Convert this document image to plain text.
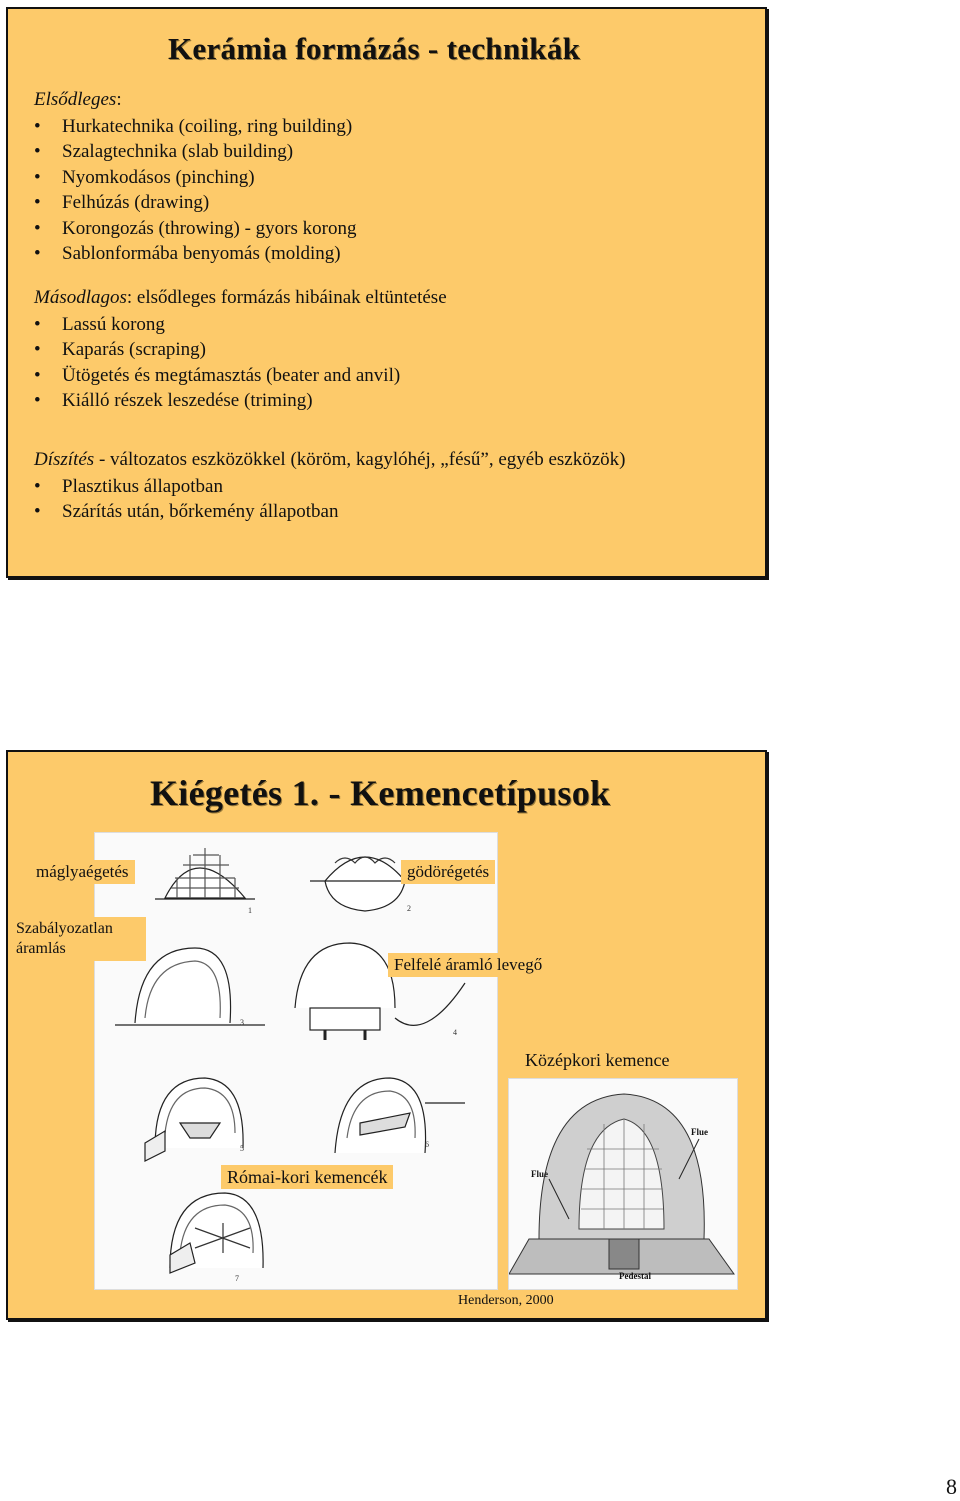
Kerámia formázás - technikák
Elsődleges:
• Hurkatechnika (coiling, ring building)
• Szalagtechnika (slab building)
• Nyomkodásos (pinching)
• Felhúzás (drawing)
• Korongozás (throwing) - gyors korong
• Sablonformába benyomás (molding)
Másodlagos: elsődleges formázás hibáinak eltüntetése
• Lassú korong
• Kaparás (scraping)
• Ütögetés és megtámasztás (beater and anvil)
• Kiálló részek leszedése (triming)
Díszítés - változatos eszközökkel (köröm, kagylóhéj, „fésű”, egyéb eszközök)
• Plasztikus állapotban
• Szárítás után, bőrkemény állapotban
Kiégetés 1. - Kemencetípusok
1	2
3
4
5	6
7
Flue
Flue
Pedestal
máglyaégetés	gödörégetés
Szabályozatlan áramlás
Felfelé áramló levegő
Középkori kemence
Római-kori kemencék
Henderson, 2000
8
